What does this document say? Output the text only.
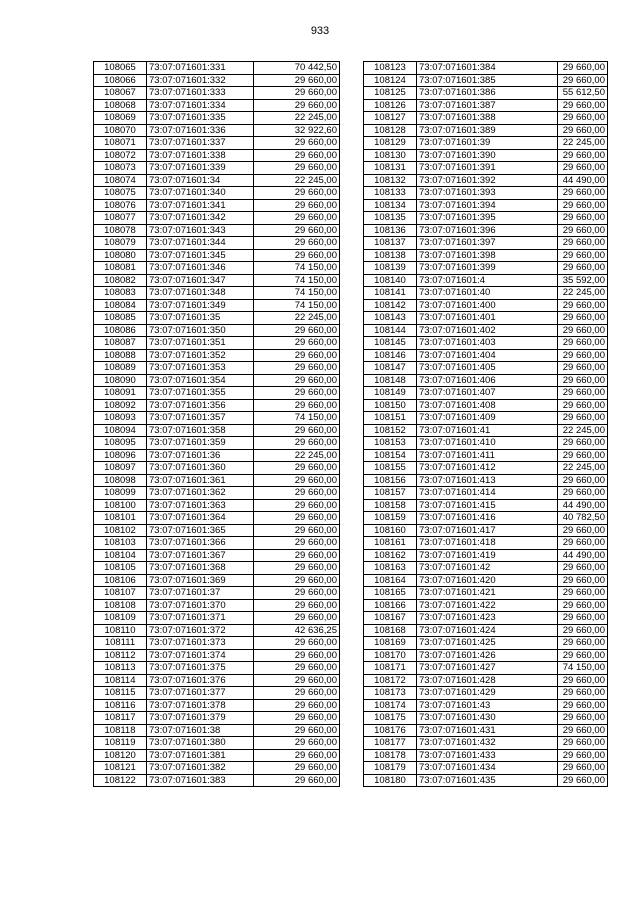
933
108065	73:07:071601:331	70 442,50
108066	73:07:071601:332	29 660,00
108067	73:07:071601:333	29 660,00
108068	73:07:071601:334	29 660,00
108069	73:07:071601:335	22 245,00
108070	73:07:071601:336	32 922,60
108071	73:07:071601:337	29 660,00
108072	73:07:071601:338	29 660,00
108073	73:07:071601:339	29 660,00
108074	73:07:071601:34	22 245,00
108075	73:07:071601:340	29 660,00
108076	73:07:071601:341	29 660,00
108077	73:07:071601:342	29 660,00
108078	73:07:071601:343	29 660,00
108079	73:07:071601:344	29 660,00
108080	73:07:071601:345	29 660,00
108081	73:07:071601:346	74 150,00
108082	73:07:071601:347	74 150,00
108083	73:07:071601:348	74 150,00
108084	73:07:071601:349	74 150,00
108085	73:07:071601:35	22 245,00
108086	73:07:071601:350	29 660,00
108087	73:07:071601:351	29 660,00
108088	73:07:071601:352	29 660,00
108089	73:07:071601:353	29 660,00
108090	73:07:071601:354	29 660,00
108091	73:07:071601:355	29 660,00
108092	73:07:071601:356	29 660,00
108093	73:07:071601:357	74 150,00
108094	73:07:071601:358	29 660,00
108095	73:07:071601:359	29 660,00
108096	73:07:071601:36	22 245,00
108097	73:07:071601:360	29 660,00
108098	73:07:071601:361	29 660,00
108099	73:07:071601:362	29 660,00
108100	73:07:071601:363	29 660,00
108101	73:07:071601:364	29 660,00
108102	73:07:071601:365	29 660,00
108103	73:07:071601:366	29 660,00
108104	73:07:071601:367	29 660,00
108105	73:07:071601:368	29 660,00
108106	73:07:071601:369	29 660,00
108107	73:07:071601:37	29 660,00
108108	73:07:071601:370	29 660,00
108109	73:07:071601:371	29 660,00
108110	73:07:071601:372	42 636,25
108111	73:07:071601:373	29 660,00
108112	73:07:071601:374	29 660,00
108113	73:07:071601:375	29 660,00
108114	73:07:071601:376	29 660,00
108115	73:07:071601:377	29 660,00
108116	73:07:071601:378	29 660,00
108117	73:07:071601:379	29 660,00
108118	73:07:071601:38	29 660,00
108119	73:07:071601:380	29 660,00
108120	73:07:071601:381	29 660,00
108121	73:07:071601:382	29 660,00
108122	73:07:071601:383	29 660,00
108123	73:07:071601:384	29 660,00
108124	73:07:071601:385	29 660,00
108125	73:07:071601:386	55 612,50
108126	73:07:071601:387	29 660,00
108127	73:07:071601:388	29 660,00
108128	73:07:071601:389	29 660,00
108129	73:07:071601:39	22 245,00
108130	73:07:071601:390	29 660,00
108131	73:07:071601:391	29 660,00
108132	73:07:071601:392	44 490,00
108133	73:07:071601:393	29 660,00
108134	73:07:071601:394	29 660,00
108135	73:07:071601:395	29 660,00
108136	73:07:071601:396	29 660,00
108137	73:07:071601:397	29 660,00
108138	73:07:071601:398	29 660,00
108139	73:07:071601:399	29 660,00
108140	73:07:071601:4	35 592,00
108141	73:07:071601:40	22 245,00
108142	73:07:071601:400	29 660,00
108143	73:07:071601:401	29 660,00
108144	73:07:071601:402	29 660,00
108145	73:07:071601:403	29 660,00
108146	73:07:071601:404	29 660,00
108147	73:07:071601:405	29 660,00
108148	73:07:071601:406	29 660,00
108149	73:07:071601:407	29 660,00
108150	73:07:071601:408	29 660,00
108151	73:07:071601:409	29 660,00
108152	73:07:071601:41	22 245,00
108153	73:07:071601:410	29 660,00
108154	73:07:071601:411	29 660,00
108155	73:07:071601:412	22 245,00
108156	73:07:071601:413	29 660,00
108157	73:07:071601:414	29 660,00
108158	73:07:071601:415	44 490,00
108159	73:07:071601:416	40 782,50
108160	73:07:071601:417	29 660,00
108161	73:07:071601:418	29 660,00
108162	73:07:071601:419	44 490,00
108163	73:07:071601:42	29 660,00
108164	73:07:071601:420	29 660,00
108165	73:07:071601:421	29 660,00
108166	73:07:071601:422	29 660,00
108167	73:07:071601:423	29 660,00
108168	73:07:071601:424	29 660,00
108169	73:07:071601:425	29 660,00
108170	73:07:071601:426	29 660,00
108171	73:07:071601:427	74 150,00
108172	73:07:071601:428	29 660,00
108173	73:07:071601:429	29 660,00
108174	73:07:071601:43	29 660,00
108175	73:07:071601:430	29 660,00
108176	73:07:071601:431	29 660,00
108177	73:07:071601:432	29 660,00
108178	73:07:071601:433	29 660,00
108179	73:07:071601:434	29 660,00
108180	73:07:071601:435	29 660,00
